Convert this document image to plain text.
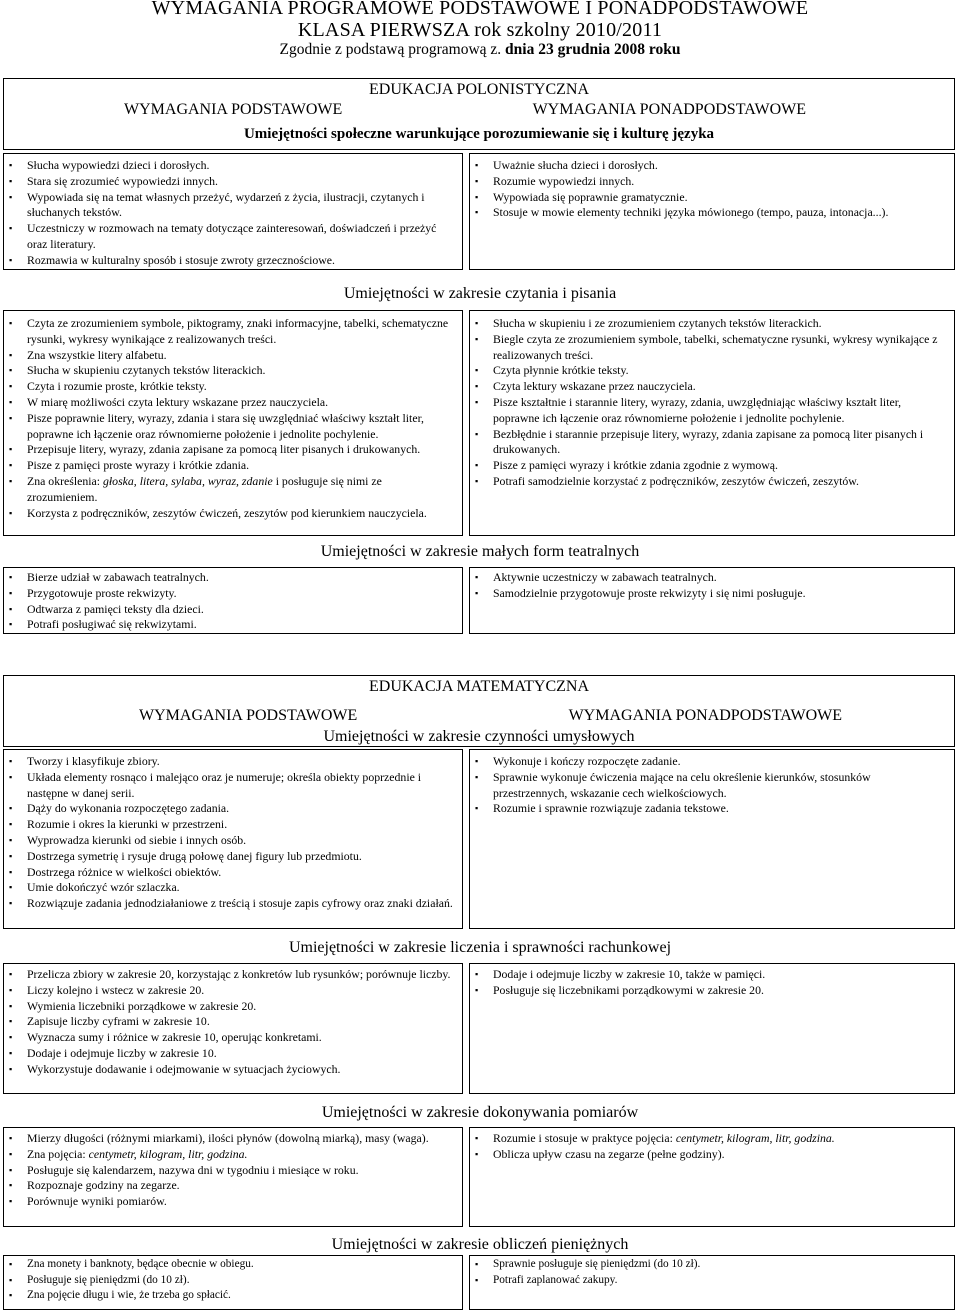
WYMAGANIA PROGRAMOWE PODSTAWOWE I PONADPODSTAWOWE
KLASA PIERWSZA rok szkolny 2010/2011
Zgodnie z podstawą programową z. dnia 23 grudnia 2008 roku
EDUKACJA POLONISTYCZNA
WYMAGANIA PODSTAWOWE	WYMAGANIA PONADPODSTAWOWE
Umiejętności społeczne warunkujące porozumiewanie się i kulturę języka
▪ Słucha wypowiedzi dzieci i dorosłych.
▪ Stara się zrozumieć wypowiedzi innych.
▪ Wypowiada się na temat własnych przeżyć, wydarzeń z życia, ilustracji, czytanych i słuchanych tekstów.
▪ Uczestniczy w rozmowach na tematy dotyczące zainteresowań, doświadczeń i przeżyć oraz literatury.
▪ Rozmawia w kulturalny sposób i stosuje zwroty grzecznościowe.
▪ Uważnie słucha dzieci i dorosłych.
▪ Rozumie wypowiedzi innych.
▪ Wypowiada się poprawnie gramatycznie.
▪ Stosuje w mowie elementy techniki języka mówionego (tempo, pauza, intonacja...).
Umiejętności w zakresie czytania i pisania
▪ Czyta ze zrozumieniem symbole, piktogramy, znaki informacyjne, tabelki, schematyczne rysunki, wykresy wynikające z realizowanych treści.
▪ Zna wszystkie litery alfabetu.
▪ Słucha w skupieniu czytanych tekstów literackich.
▪ Czyta i rozumie proste, krótkie teksty.
▪ W miarę możliwości czyta lektury wskazane przez nauczyciela.
▪ Pisze poprawnie litery, wyrazy, zdania i stara się uwzględniać właściwy kształt liter, poprawne ich łączenie oraz równomierne położenie i jednolite pochylenie.
▪ Przepisuje litery, wyrazy, zdania zapisane za pomocą liter pisanych i drukowanych.
▪ Pisze z pamięci proste wyrazy i krótkie zdania.
▪ Zna określenia: głoska, litera, sylaba, wyraz, zdanie i posługuje się nimi ze zrozumieniem.
▪ Korzysta z podręczników, zeszytów ćwiczeń, zeszytów pod kierunkiem nauczyciela.
▪ Słucha w skupieniu i ze zrozumieniem czytanych tekstów literackich.
▪ Biegle czyta ze zrozumieniem symbole, tabelki, schematyczne rysunki, wykresy wynikające z realizowanych treści.
▪ Czyta płynnie krótkie teksty.
▪ Czyta lektury wskazane przez nauczyciela.
▪ Pisze kształtnie i starannie litery, wyrazy, zdania, uwzględniając właściwy kształt liter, poprawne ich łączenie oraz równomierne położenie i jednolite pochylenie.
▪ Bezbłędnie i starannie przepisuje litery, wyrazy, zdania zapisane za pomocą liter pisanych i drukowanych.
▪ Pisze z pamięci wyrazy i krótkie zdania zgodnie z wymową.
▪ Potrafi samodzielnie korzystać z podręczników, zeszytów ćwiczeń, zeszytów.
Umiejętności w zakresie małych form teatralnych
▪ Bierze udział w zabawach teatralnych.
▪ Przygotowuje proste rekwizyty.
▪ Odtwarza z pamięci teksty dla dzieci.
▪ Potrafi posługiwać się rekwizytami.
▪ Aktywnie uczestniczy w zabawach teatralnych.
▪ Samodzielnie przygotowuje proste rekwizyty i się nimi posługuje.
EDUKACJA MATEMATYCZNA
WYMAGANIA PODSTAWOWE	WYMAGANIA PONADPODSTAWOWE
Umiejętności w zakresie czynności umysłowych
▪ Tworzy i klasyfikuje zbiory.
▪ Układa elementy rosnąco i malejąco oraz je numeruje; określa obiekty poprzednie i następne w danej serii.
▪ Dąży do wykonania rozpoczętego zadania.
▪ Rozumie i okres la kierunki w przestrzeni.
▪ Wyprowadza kierunki od siebie i innych osób.
▪ Dostrzega symetrię i rysuje drugą połowę danej figury lub przedmiotu.
▪ Dostrzega różnice w wielkości obiektów.
▪ Umie dokończyć wzór szlaczka.
▪ Rozwiązuje zadania jednodziałaniowe z treścią i stosuje zapis cyfrowy oraz znaki działań.
▪ Wykonuje i kończy rozpoczęte zadanie.
▪ Sprawnie wykonuje ćwiczenia mające na celu określenie kierunków, stosunków przestrzennych, wskazanie cech wielkościowych.
▪ Rozumie i sprawnie rozwiązuje zadania tekstowe.
Umiejętności w zakresie liczenia i sprawności rachunkowej
▪ Przelicza zbiory w zakresie 20, korzystając z konkretów lub rysunków; porównuje liczby.
▪ Liczy kolejno i wstecz w zakresie 20.
▪ Wymienia liczebniki porządkowe w zakresie 20.
▪ Zapisuje liczby cyframi w zakresie 10.
▪ Wyznacza sumy i różnice w zakresie 10, operując konkretami.
▪ Dodaje i odejmuje liczby w zakresie 10.
▪ Wykorzystuje dodawanie i odejmowanie w sytuacjach życiowych.
▪ Dodaje i odejmuje liczby w zakresie 10, także w pamięci.
▪ Posługuje się liczebnikami porządkowymi w zakresie 20.
Umiejętności w zakresie dokonywania pomiarów
▪ Mierzy długości (różnymi miarkami), ilości płynów (dowolną miarką), masy (waga).
▪ Zna pojęcia: centymetr, kilogram, litr, godzina.
▪ Posługuje się kalendarzem, nazywa dni w tygodniu i miesiące w roku.
▪ Rozpoznaje godziny na zegarze.
▪ Porównuje wyniki pomiarów.
▪ Rozumie i stosuje w praktyce pojęcia: centymetr, kilogram, litr, godzina.
▪ Oblicza upływ czasu na zegarze (pełne godziny).
Umiejętności w zakresie obliczeń pieniężnych
▪ Zna monety i banknoty, będące obecnie w obiegu.
▪ Posługuje się pieniędzmi (do 10 zł).
▪ Zna pojęcie długu i wie, że trzeba go spłacić.
▪ Sprawnie posługuje się pieniędzmi (do 10 zł).
▪ Potrafi zaplanować zakupy.
